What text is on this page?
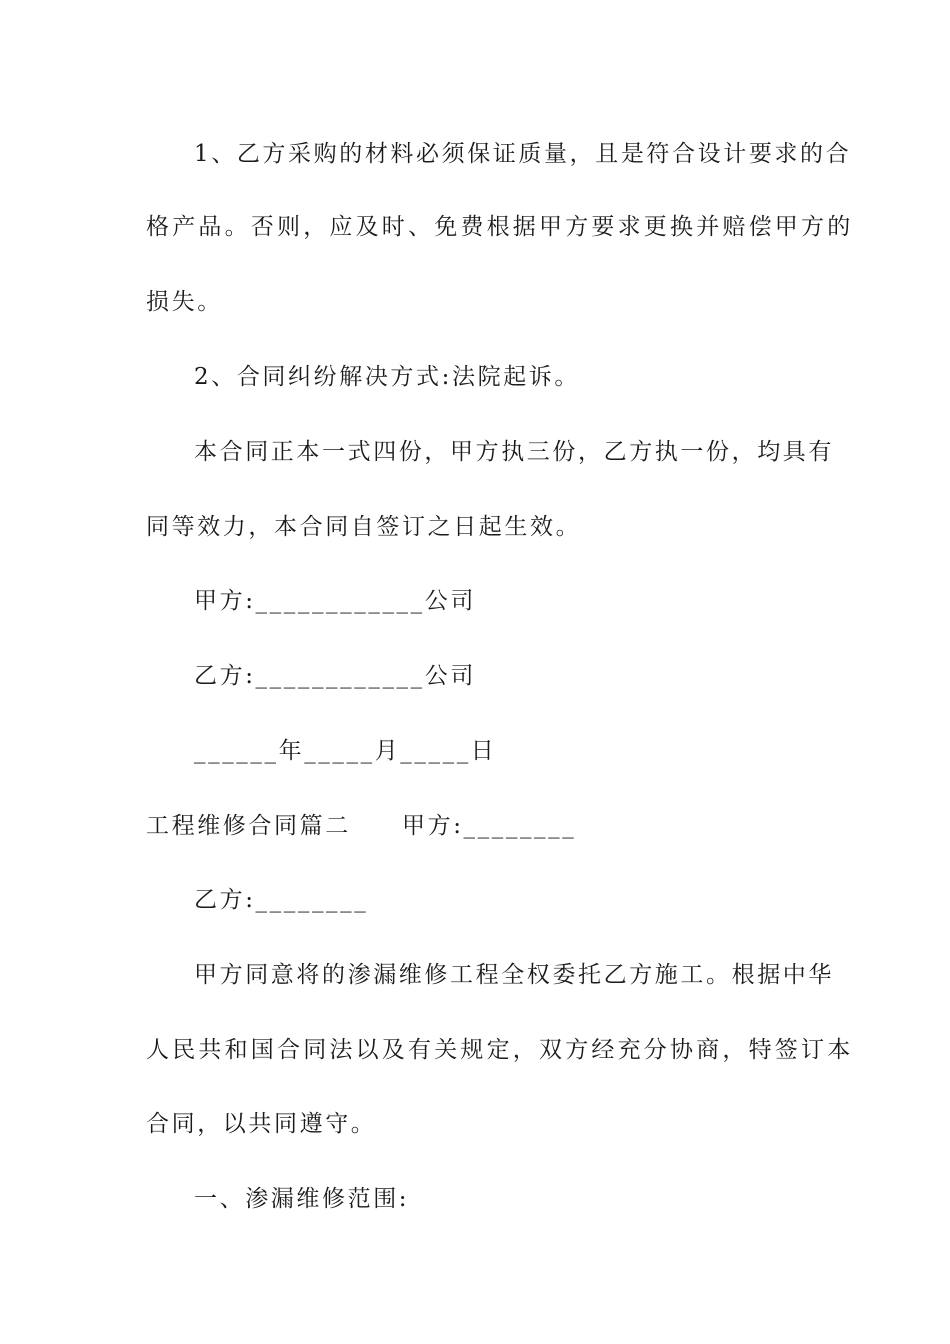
1、乙方采购的材料必须保证质量，且是符合设计要求的合
格产品。否则，应及时、免费根据甲方要求更换并赔偿甲方的
损失。
2、合同纠纷解决方式:法院起诉。
本合同正本一式四份，甲方执三份，乙方执一份，均具有
同等效力，本合同自签订之日起生效。
甲方:____________公司
乙方:____________公司
______年_____月_____日
工程维修合同篇二　　甲方:________
乙方:________
甲方同意将的渗漏维修工程全权委托乙方施工。根据中华
人民共和国合同法以及有关规定，双方经充分协商，特签订本
合同，以共同遵守。
一、渗漏维修范围:
